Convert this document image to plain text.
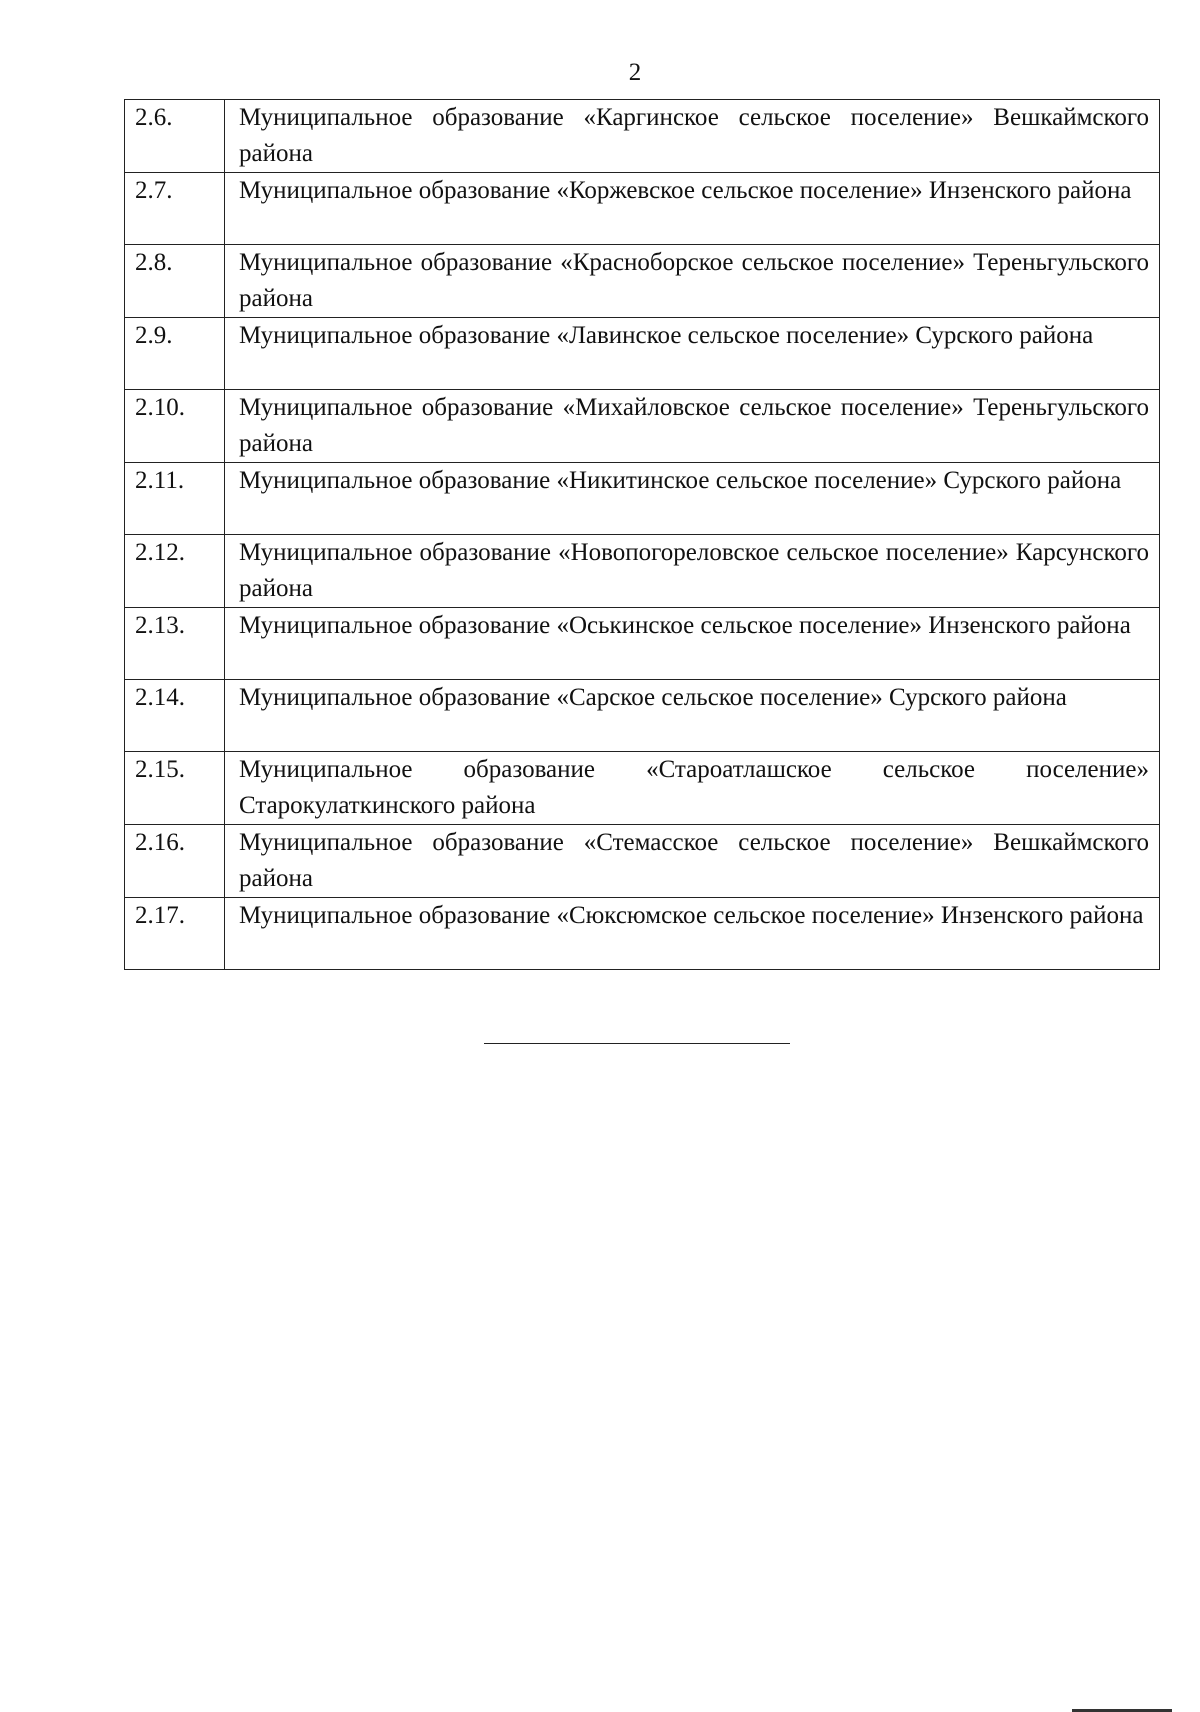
2
2.6.	Муниципальное образование «Каргинское сельское поселение» Вешкаймского района
2.7.	Муниципальное образование «Коржевское сельское поселение» Инзенского района
2.8.	Муниципальное образование «Красноборское сельское поселение» Тереньгульского района
2.9.	Муниципальное образование «Лавинское сельское поселение» Сурского района
2.10.	Муниципальное образование «Михайловское сельское поселение» Тереньгульского района
2.11.	Муниципальное образование «Никитинское сельское поселение» Сурского района
2.12.	Муниципальное образование «Новопогореловское сельское поселение» Карсунского района
2.13.	Муниципальное образование «Оськинское сельское поселение» Инзенского района
2.14.	Муниципальное образование «Сарское сельское поселение» Сурского района
2.15.	Муниципальное образование «Староатлашское сельское поселение» Старокулаткинского района
2.16.	Муниципальное образование «Стемасское сельское поселение» Вешкаймского района
2.17.	Муниципальное образование «Сюксюмское сельское поселение» Инзенского района
